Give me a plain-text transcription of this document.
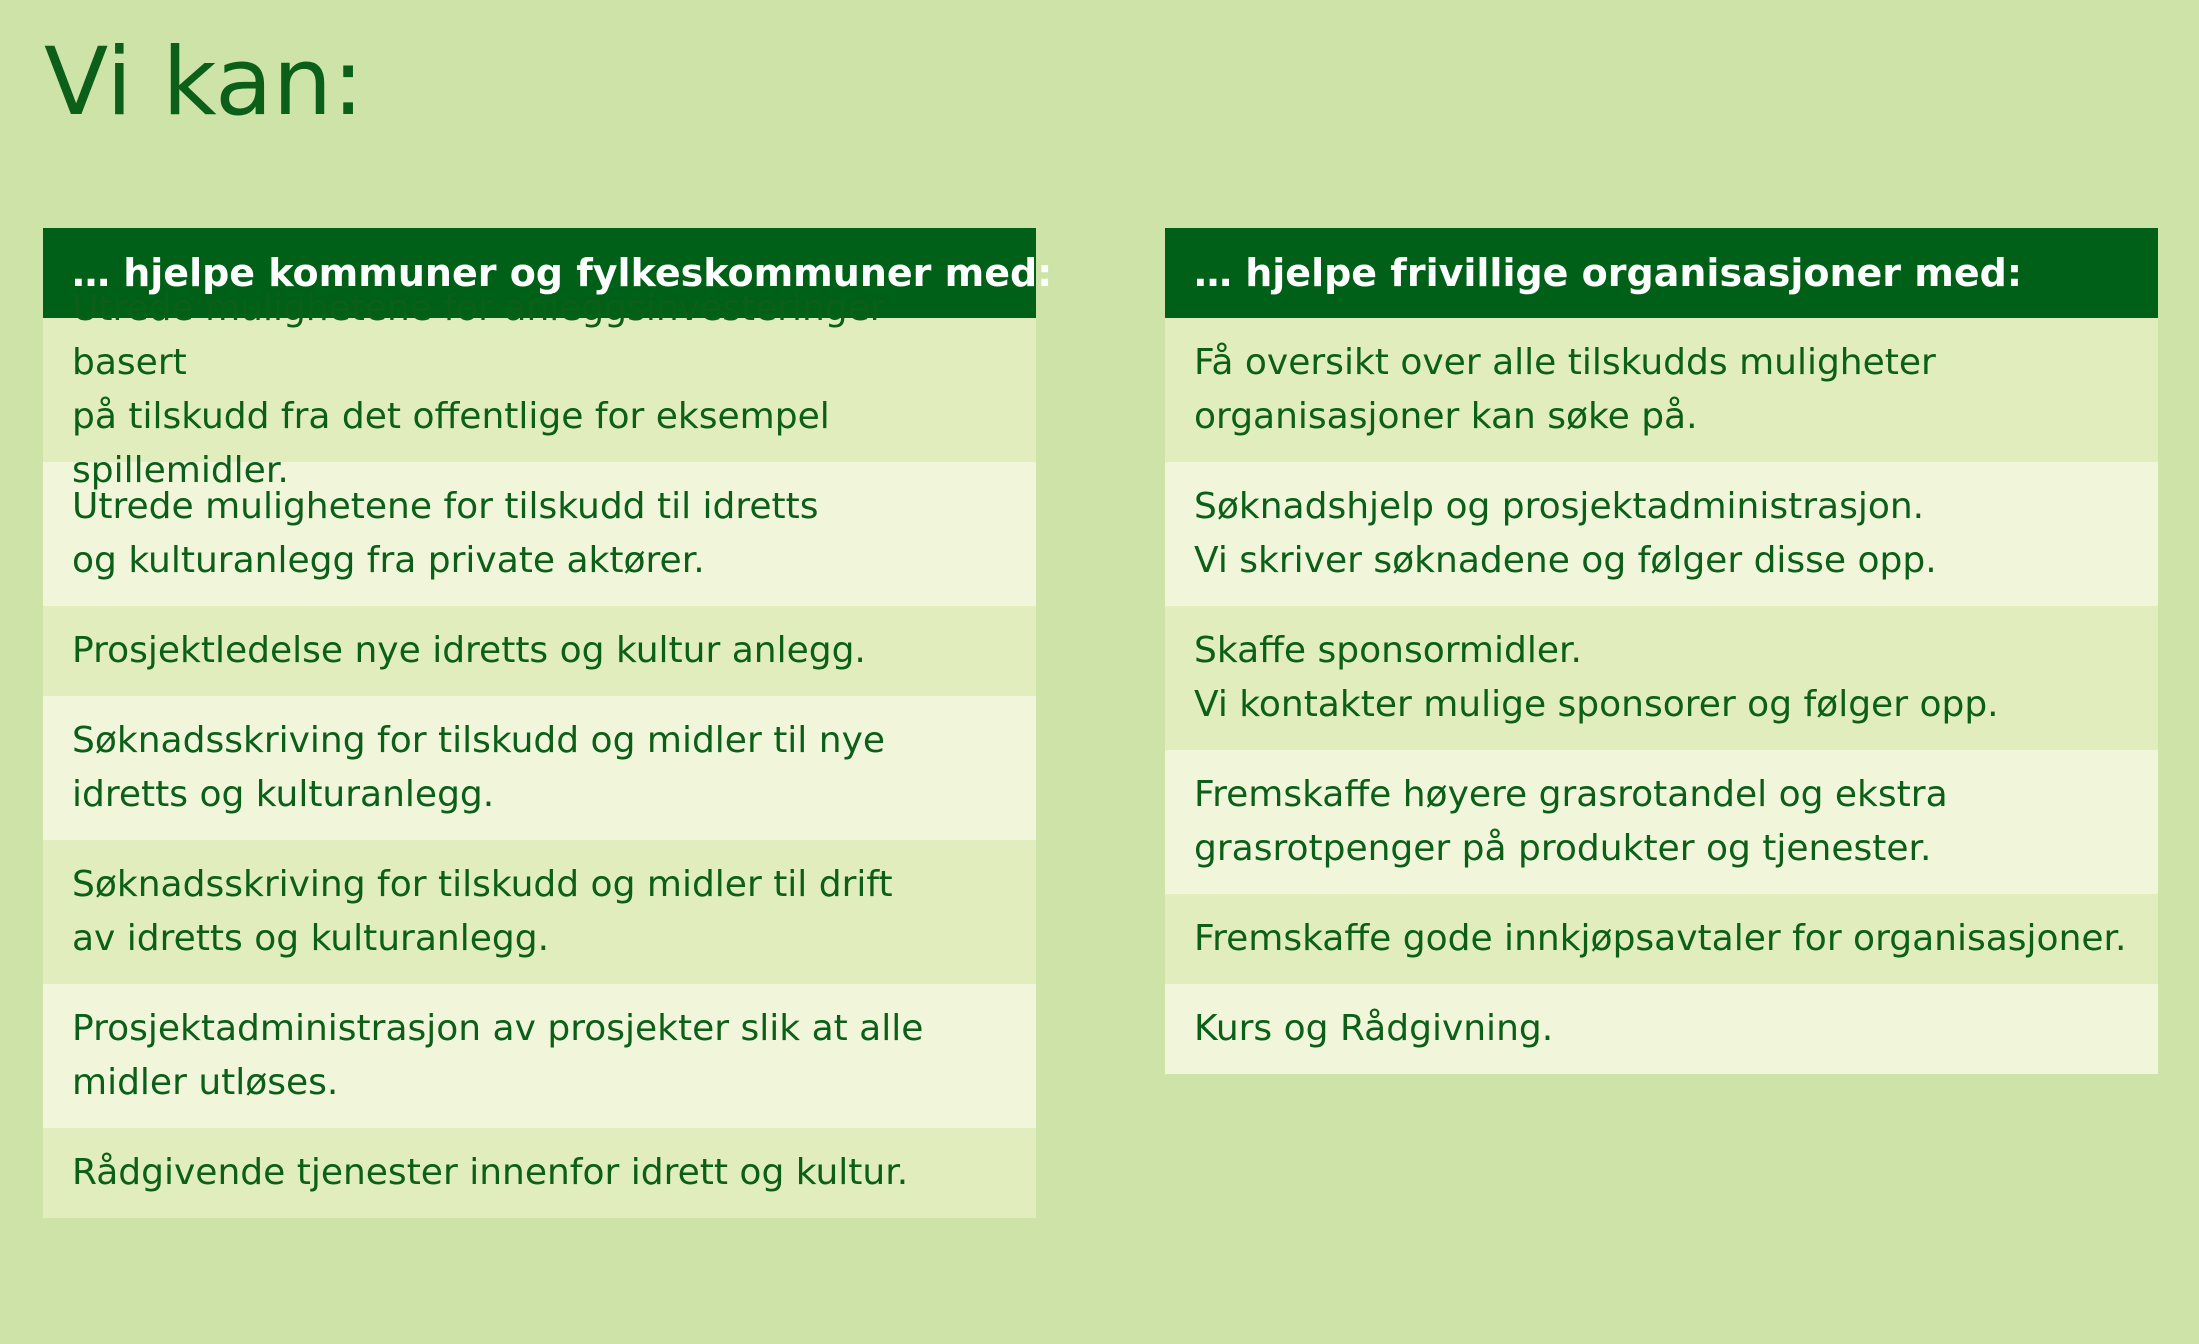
Vi kan:
… hjelpe kommuner og fylkeskommuner med:
basert
på tilskudd fra det offentlige for eksempel
Utrede mulighetene for tilskudd til idretts
og kulturanlegg fra private aktører.
Prosjektledelse nye idretts og kultur anlegg.
Søknadsskriving for tilskudd og midler til nye
idretts og kulturanlegg.
Søknadsskriving for tilskudd og midler til drift
av idretts og kulturanlegg.
Prosjektadministrasjon av prosjekter slik at alle
midler utløses.
Rådgivende tjenester innenfor idrett og kultur.
… hjelpe frivillige organisasjoner med:
Få oversikt over alle tilskudds muligheter
organisasjoner kan søke på.
Søknadshjelp og prosjektadministrasjon.
Vi skriver søknadene og følger disse opp.
Skaffe sponsormidler.
Vi kontakter mulige sponsorer og følger opp.
Fremskaffe høyere grasrotandel og ekstra
grasrotpenger på produkter og tjenester.
Fremskaffe gode innkjøpsavtaler for organisasjoner.
Kurs og Rådgivning.
